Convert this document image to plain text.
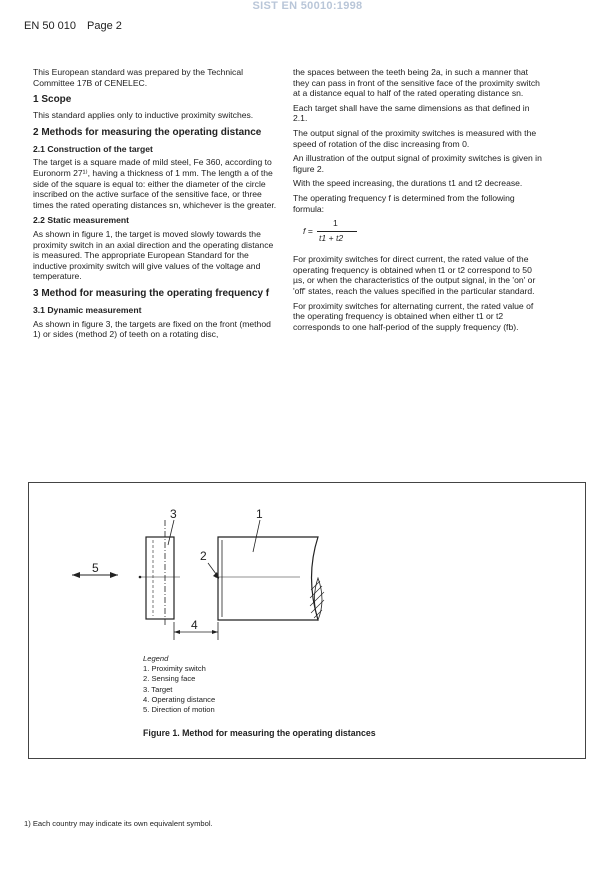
SIST EN 50010:1998
EN 50 010 Page 2

This European standard was prepared by the Technical Committee 17B of CENELEC.

1 Scope

This standard applies only to inductive proximity switches.

2 Methods for measuring the operating distance
2.1 Construction of the target

The target is a square made of mild steel, Fe 360, according to Euronorm 27¹⁾, having a thickness of 1 mm. The length a of the side of the square is equal to: either the diameter of the circle inscribed on the active surface of the sensitive face, or three times the rated operating distances sn, whichever is the greater.

2.2 Static measurement

As shown in figure 1, the target is moved slowly towards the proximity switch in an axial direction and the operating distance is measured. The appropriate European Standard for the inductive proximity switch will give values of the voltage and temperature.

3 Method for measuring the operating frequency f
3.1 Dynamic measurement

As shown in figure 3, the targets are fixed on the front (method 1) or sides (method 2) of teeth on a rotating disc,

the spaces between the teeth being 2a, in such a manner that they can pass in front of the sensitive face of the proximity switch at a distance equal to half of the rated operating distance sn.

Each target shall have the same dimensions as that defined in 2.1.

The output signal of the proximity switches is measured with the speed of rotation of the disc increasing from 0.

An illustration of the output signal of proximity switches is given in figure 2.

With the speed increasing, the durations t1 and t2 decrease.

The operating frequency f is determined from the following formula:

f =
1
t1 + t2

For proximity switches for direct current, the rated value of the operating frequency is obtained when t1 or t2 correspond to 50 µs, or when the characteristics of the output signal, in the 'on' or 'off' states, reach the values specified in the particular standard.

For proximity switches for alternating current, the rated value of the operating frequency is obtained when either t1 or t2 corresponds to one half-period of the supply frequency (fb).

1
2
3
4
5
Legend
1. Proximity switch
2. Sensing face
3. Target
4. Operating distance
5. Direction of motion
Figure 1. Method for measuring the operating distances
1) Each country may indicate its own equivalent symbol.
